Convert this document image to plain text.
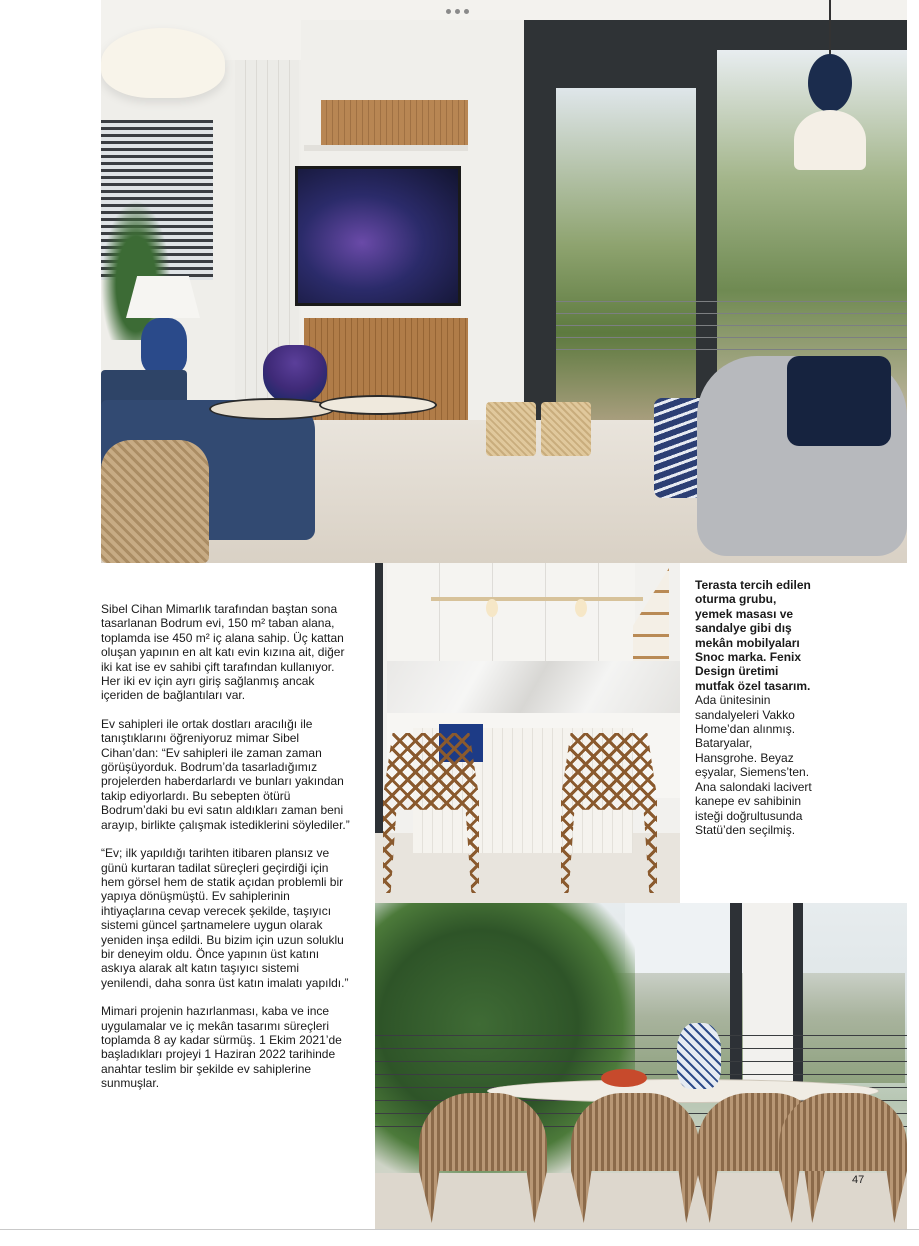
Sibel Cihan Mimarlık tarafından baştan sona tasarlanan Bodrum evi, 150 m² taban alana, toplamda ise 450 m² iç alana sahip. Üç kattan oluşan yapının en alt katı evin kızına ait, diğer iki kat ise ev sahibi çift tarafından kullanıyor. Her iki ev için ayrı giriş sağlanmış ancak içeriden de bağlantıları var.

Ev sahipleri ile ortak dostları aracılığı ile tanıştıklarını öğreniyoruz mimar Sibel Cihan’dan: “Ev sahipleri ile zaman zaman görüşüyorduk. Bodrum’da tasarladığımız projelerden haberdarlardı ve bunları yakından takip ediyorlardı. Bu sebepten ötürü Bodrum’daki bu evi satın aldıkları zaman beni arayıp, birlikte çalışmak istediklerini söylediler.”

“Ev; ilk yapıldığı tarihten itibaren plansız ve günü kurtaran tadilat süreçleri geçirdiği için hem görsel hem de statik açıdan problemli bir yapıya dönüşmüştü. Ev sahiplerinin ihtiyaçlarına cevap verecek şekilde, taşıyıcı sistemi güncel şartnamelere uygun olarak yeniden inşa edildi. Bu bizim için uzun soluklu bir deneyim oldu. Önce yapının üst katını askıya alarak alt katın taşıyıcı sistemi yenilendi, daha sonra üst katın imalatı yapıldı.”

Mimari projenin hazırlanması, kaba ve ince uygulamalar ve iç mekân tasarımı süreçleri toplamda 8 ay kadar sürmüş. 1 Ekim 2021’de başladıkları projeyi 1 Haziran 2022 tarihinde anahtar teslim bir şekilde ev sahiplerine sunmuşlar.

Terasta tercih edilen oturma grubu, yemek masası ve sandalye gibi dış mekân mobilyaları Snoc marka. Fenix Design üretimi mutfak özel tasarım.
Ada ünitesinin sandalyeleri Vakko Home’dan alınmış. Bataryalar, Hansgrohe. Beyaz eşyalar, Siemens’ten. Ana salondaki lacivert kanepe ev sahibinin isteği doğrultusunda Statü’den seçilmiş.
47
